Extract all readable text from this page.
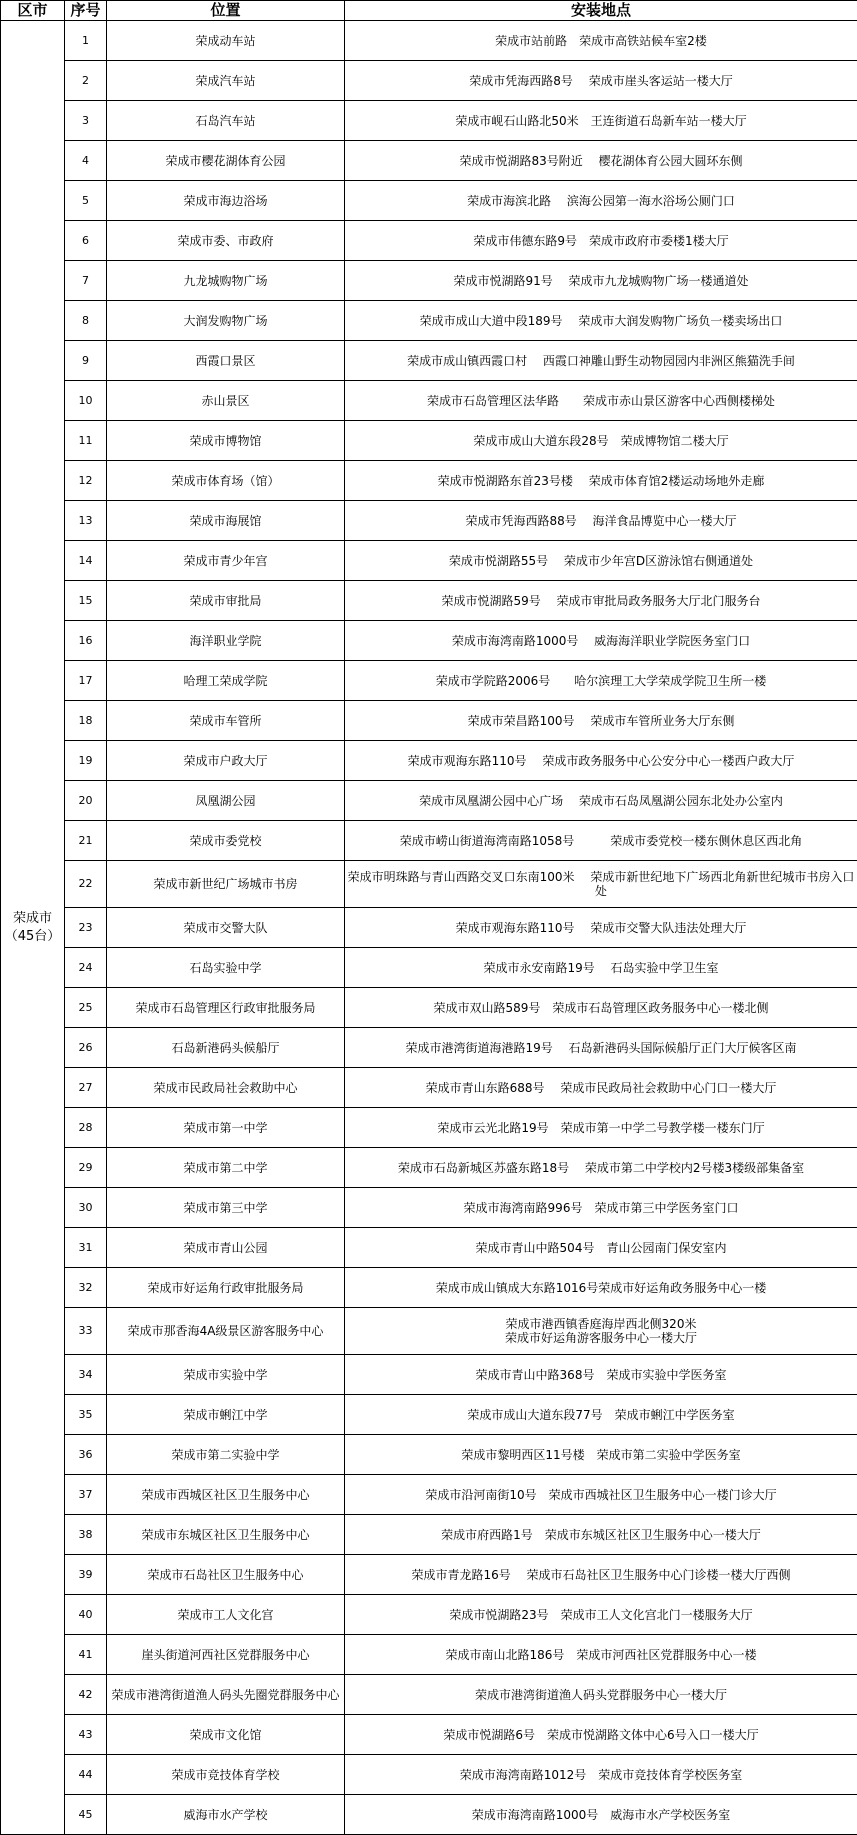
区市	序号	位置	安装地点

荣成市
（45台）	1	荣成动车站	荣成市站前路　荣成市高铁站候车室2楼
	2	荣成汽车站	荣成市凭海西路8号　 荣成市崖头客运站一楼大厅
	3	石岛汽车站	荣成市岘石山路北50米　王连街道石岛新车站一楼大厅
	4	荣成市樱花湖体育公园	荣成市悦湖路83号附近　 樱花湖体育公园大圆环东侧
	5	荣成市海边浴场	荣成市海滨北路　 滨海公园第一海水浴场公厕门口
	6	荣成市委、市政府	荣成市伟德东路9号　荣成市政府市委楼1楼大厅
	7	九龙城购物广场	荣成市悦湖路91号　 荣成市九龙城购物广场一楼通道处
	8	大润发购物广场	荣成市成山大道中段189号　 荣成市大润发购物广场负一楼卖场出口
	9	西霞口景区	荣成市成山镇西霞口村　 西霞口神雕山野生动物园园内非洲区熊猫洗手间
	10	赤山景区	荣成市石岛管理区法华路　　荣成市赤山景区游客中心西侧楼梯处
	11	荣成市博物馆	荣成市成山大道东段28号　荣成博物馆二楼大厅
	12	荣成市体育场（馆）	荣成市悦湖路东首23号楼　 荣成市体育馆2楼运动场地外走廊
	13	荣成市海展馆	荣成市凭海西路88号　 海洋食品博览中心一楼大厅
	14	荣成市青少年宫	荣成市悦湖路55号　 荣成市少年宫D区游泳馆右侧通道处
	15	荣成市审批局	荣成市悦湖路59号　 荣成市审批局政务服务大厅北门服务台
	16	海洋职业学院	荣成市海湾南路1000号　 威海海洋职业学院医务室门口
	17	哈理工荣成学院	荣成市学院路2006号　　哈尔滨理工大学荣成学院卫生所一楼
	18	荣成市车管所	荣成市荣昌路100号　 荣成市车管所业务大厅东侧
	19	荣成市户政大厅	荣成市观海东路110号　 荣成市政务服务中心公安分中心一楼西户政大厅
	20	凤凰湖公园	荣成市凤凰湖公园中心广场　 荣成市石岛凤凰湖公园东北处办公室内
	21	荣成市委党校	荣成市崂山街道海湾南路1058号　　　荣成市委党校一楼东侧休息区西北角
	22	荣成市新世纪广场城市书房	荣成市明珠路与青山西路交叉口东南100米　 荣成市新世纪地下广场西北角新世纪城市书房入口处
	23	荣成市交警大队	荣成市观海东路110号　 荣成市交警大队违法处理大厅
	24	石岛实验中学	荣成市永安南路19号　 石岛实验中学卫生室
	25	荣成市石岛管理区行政审批服务局	荣成市双山路589号　荣成市石岛管理区政务服务中心一楼北侧
	26	石岛新港码头候船厅	荣成市港湾街道海港路19号　 石岛新港码头国际候船厅正门大厅候客区南
	27	荣成市民政局社会救助中心	荣成市青山东路688号　 荣成市民政局社会救助中心门口一楼大厅
	28	荣成市第一中学	荣成市云光北路19号　荣成市第一中学二号教学楼一楼东门厅
	29	荣成市第二中学	荣成市石岛新城区苏盛东路18号　 荣成市第二中学校内2号楼3楼级部集备室
	30	荣成市第三中学	荣成市海湾南路996号　荣成市第三中学医务室门口
	31	荣成市青山公园	荣成市青山中路504号　青山公园南门保安室内
	32	荣成市好运角行政审批服务局	荣成市成山镇成大东路1016号荣成市好运角政务服务中心一楼
	33	荣成市那香海4A级景区游客服务中心	荣成市港西镇香庭海岸西北侧320米
荣成市好运角游客服务中心一楼大厅
	34	荣成市实验中学	荣成市青山中路368号　荣成市实验中学医务室
	35	荣成市蜊江中学	荣成市成山大道东段77号　荣成市蜊江中学医务室
	36	荣成市第二实验中学	荣成市黎明西区11号楼　荣成市第二实验中学医务室
	37	荣成市西城区社区卫生服务中心	荣成市沿河南街10号　荣成市西城社区卫生服务中心一楼门诊大厅
	38	荣成市东城区社区卫生服务中心	荣成市府西路1号　荣成市东城区社区卫生服务中心一楼大厅
	39	荣成市石岛社区卫生服务中心	荣成市青龙路16号　 荣成市石岛社区卫生服务中心门诊楼一楼大厅西侧
	40	荣成市工人文化宫	荣成市悦湖路23号　荣成市工人文化宫北门一楼服务大厅
	41	崖头街道河西社区党群服务中心	荣成市南山北路186号　荣成市河西社区党群服务中心一楼
	42	荣成市港湾街道渔人码头先圈党群服务中心	荣成市港湾街道渔人码头党群服务中心一楼大厅
	43	荣成市文化馆	荣成市悦湖路6号　荣成市悦湖路文体中心6号入口一楼大厅
	44	荣成市竞技体育学校	荣成市海湾南路1012号　荣成市竞技体育学校医务室
	45	威海市水产学校	荣成市海湾南路1000号　威海市水产学校医务室
